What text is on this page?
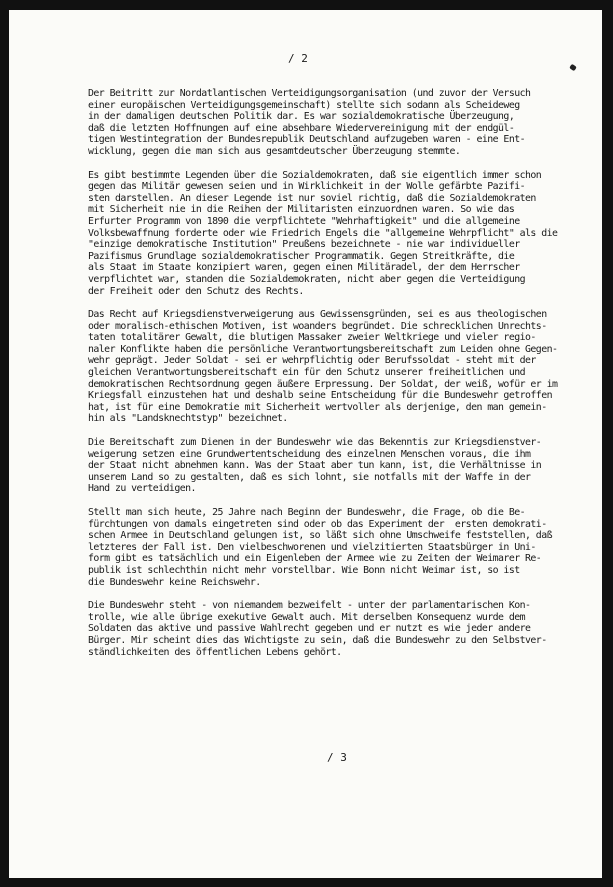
/ 2

Der Beitritt zur Nordatlantischen Verteidigungsorganisation (und zuvor der Versuch
einer europäischen Verteidigungsgemeinschaft) stellte sich sodann als Scheideweg
in der damaligen deutschen Politik dar. Es war sozialdemokratische Überzeugung,
daß die letzten Hoffnungen auf eine absehbare Wiedervereinigung mit der endgül-
tigen Westintegration der Bundesrepublik Deutschland aufzugeben waren - eine Ent-
wicklung, gegen die man sich aus gesamtdeutscher Überzeugung stemmte.

Es gibt bestimmte Legenden über die Sozialdemokraten, daß sie eigentlich immer schon
gegen das Militär gewesen seien und in Wirklichkeit in der Wolle gefärbte Pazifi-
sten darstellen. An dieser Legende ist nur soviel richtig, daß die Sozialdemokraten
mit Sicherheit nie in die Reihen der Militaristen einzuordnen waren. So wie das
Erfurter Programm von 1890 die verpflichtete "Wehrhaftigkeit" und die allgemeine
Volksbewaffnung forderte oder wie Friedrich Engels die "allgemeine Wehrpflicht" als die
"einzige demokratische Institution" Preußens bezeichnete - nie war individueller
Pazifismus Grundlage sozialdemokratischer Programmatik. Gegen Streitkräfte, die
als Staat im Staate konzipiert waren, gegen einen Militäradel, der dem Herrscher
verpflichtet war, standen die Sozialdemokraten, nicht aber gegen die Verteidigung
der Freiheit oder den Schutz des Rechts.

Das Recht auf Kriegsdienstverweigerung aus Gewissensgründen, sei es aus theologischen
oder moralisch-ethischen Motiven, ist woanders begründet. Die schrecklichen Unrechts-
taten totalitärer Gewalt, die blutigen Massaker zweier Weltkriege und vieler regio-
naler Konflikte haben die persönliche Verantwortungsbereitschaft zum Leiden ohne Gegen-
wehr geprägt. Jeder Soldat - sei er wehrpflichtig oder Berufssoldat - steht mit der
gleichen Verantwortungsbereitschaft ein für den Schutz unserer freiheitlichen und
demokratischen Rechtsordnung gegen äußere Erpressung. Der Soldat, der weiß, wofür er im
Kriegsfall einzustehen hat und deshalb seine Entscheidung für die Bundeswehr getroffen
hat, ist für eine Demokratie mit Sicherheit wertvoller als derjenige, den man gemein-
hin als "Landsknechtstyp" bezeichnet.

Die Bereitschaft zum Dienen in der Bundeswehr wie das Bekenntis zur Kriegsdienstver-
weigerung setzen eine Grundwertentscheidung des einzelnen Menschen voraus, die ihm
der Staat nicht abnehmen kann. Was der Staat aber tun kann, ist, die Verhältnisse in
unserem Land so zu gestalten, daß es sich lohnt, sie notfalls mit der Waffe in der
Hand zu verteidigen.

Stellt man sich heute, 25 Jahre nach Beginn der Bundeswehr, die Frage, ob die Be-
fürchtungen von damals eingetreten sind oder ob das Experiment der  ersten demokrati-
schen Armee in Deutschland gelungen ist, so läßt sich ohne Umschweife feststellen, daß
letzteres der Fall ist. Den vielbeschworenen und vielzitierten Staatsbürger in Uni-
form gibt es tatsächlich und ein Eigenleben der Armee wie zu Zeiten der Weimarer Re-
publik ist schlechthin nicht mehr vorstellbar. Wie Bonn nicht Weimar ist, so ist
die Bundeswehr keine Reichswehr.

Die Bundeswehr steht - von niemandem bezweifelt - unter der parlamentarischen Kon-
trolle, wie alle übrige exekutive Gewalt auch. Mit derselben Konsequenz wurde dem
Soldaten das aktive und passive Wahlrecht gegeben und er nutzt es wie jeder andere
Bürger. Mir scheint dies das Wichtigste zu sein, daß die Bundeswehr zu den Selbstver-
ständlichkeiten des öffentlichen Lebens gehört.

/ 3
